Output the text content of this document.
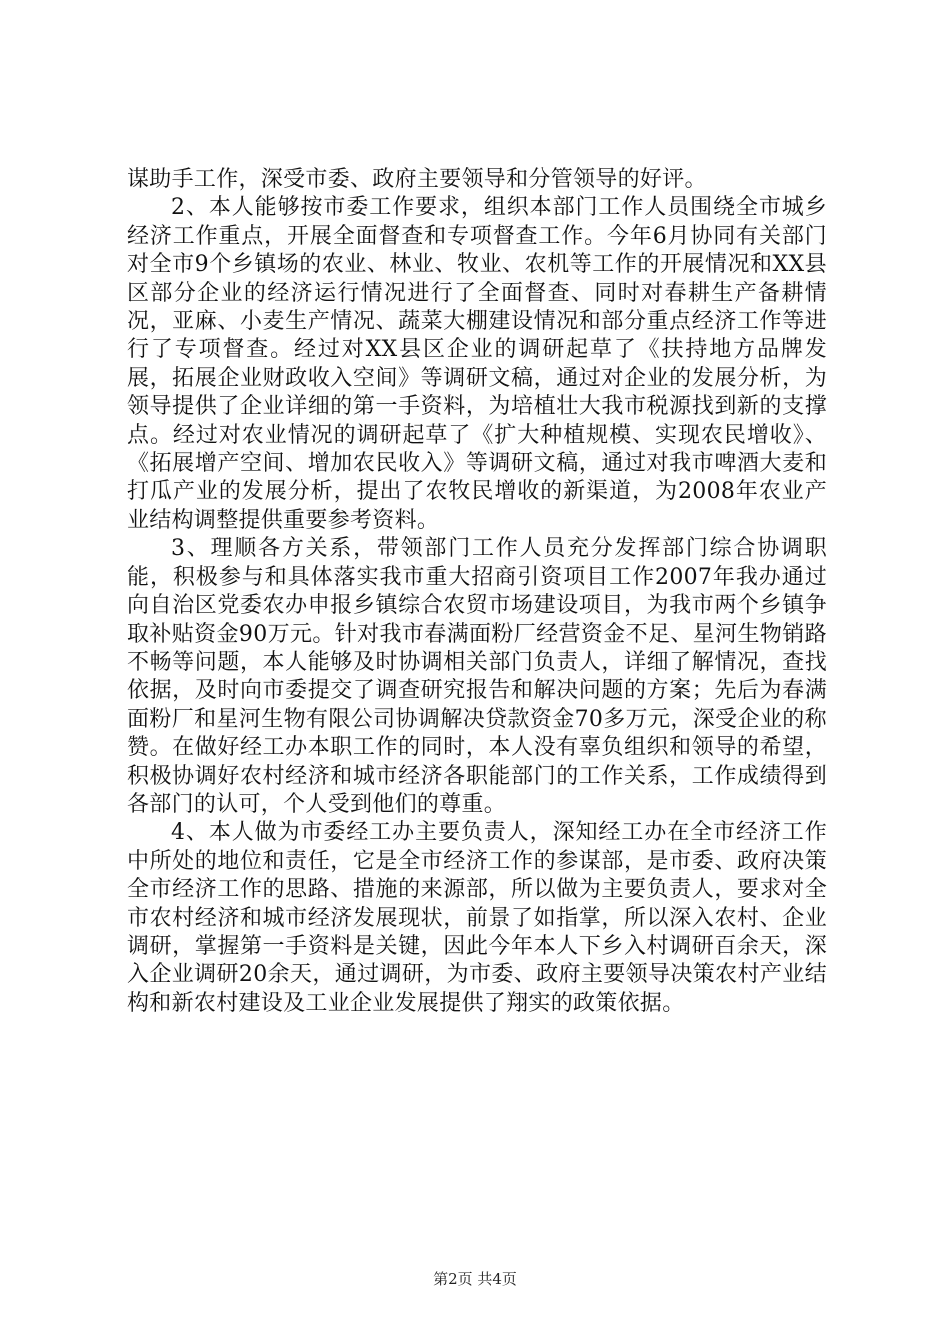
谋助手工作，深受市委、政府主要领导和分管领导的好评。

2、本人能够按市委工作要求，组织本部门工作人员围绕全市城乡经济工作重点，开展全面督查和专项督查工作。今年6月协同有关部门对全市9个乡镇场的农业、林业、牧业、农机等工作的开展情况和XX县区部分企业的经济运行情况进行了全面督查、同时对春耕生产备耕情况，亚麻、小麦生产情况、蔬菜大棚建设情况和部分重点经济工作等进行了专项督查。经过对XX县区企业的调研起草了《扶持地方品牌发展，拓展企业财政收入空间》等调研文稿，通过对企业的发展分析，为领导提供了企业详细的第一手资料，为培植壮大我市税源找到新的支撑点。经过对农业情况的调研起草了《扩大种植规模、实现农民增收》、《拓展增产空间、增加农民收入》等调研文稿，通过对我市啤酒大麦和打瓜产业的发展分析，提出了农牧民增收的新渠道，为2008年农业产业结构调整提供重要参考资料。

3、理顺各方关系，带领部门工作人员充分发挥部门综合协调职能，积极参与和具体落实我市重大招商引资项目工作2007年我办通过向自治区党委农办申报乡镇综合农贸市场建设项目，为我市两个乡镇争取补贴资金90万元。针对我市春满面粉厂经营资金不足、星河生物销路不畅等问题，本人能够及时协调相关部门负责人，详细了解情况，查找依据，及时向市委提交了调查研究报告和解决问题的方案；先后为春满面粉厂和星河生物有限公司协调解决贷款资金70多万元，深受企业的称赞。在做好经工办本职工作的同时，本人没有辜负组织和领导的希望，积极协调好农村经济和城市经济各职能部门的工作关系，工作成绩得到各部门的认可，个人受到他们的尊重。

4、本人做为市委经工办主要负责人，深知经工办在全市经济工作中所处的地位和责任，它是全市经济工作的参谋部，是市委、政府决策全市经济工作的思路、措施的来源部，所以做为主要负责人，要求对全市农村经济和城市经济发展现状，前景了如指掌，所以深入农村、企业调研，掌握第一手资料是关键，因此今年本人下乡入村调研百余天，深入企业调研20余天，通过调研，为市委、政府主要领导决策农村产业结构和新农村建设及工业企业发展提供了翔实的政策依据。

第2页 共4页
